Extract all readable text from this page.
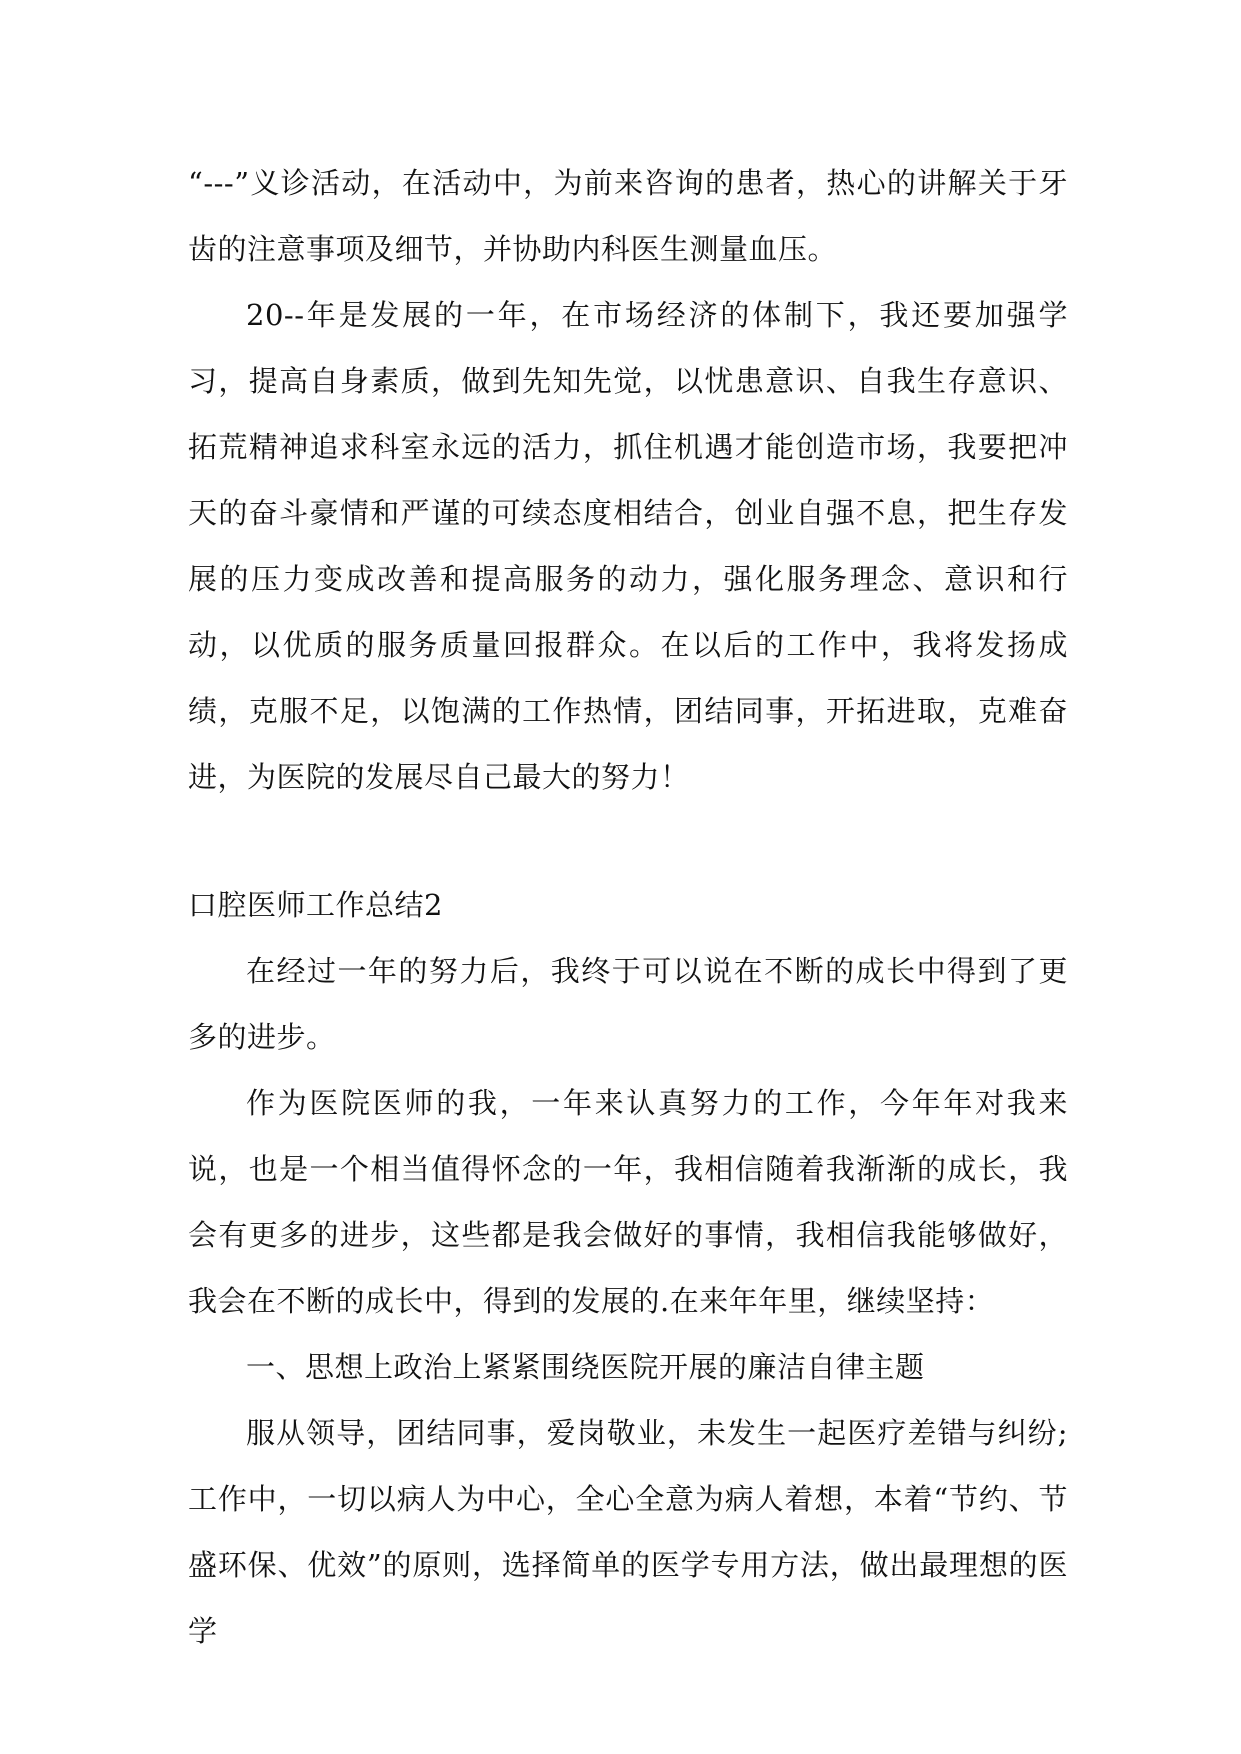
“---”义诊活动，在活动中，为前来咨询的患者，热心的讲解关于牙齿的注意事项及细节，并协助内科医生测量血压。

20--年是发展的一年，在市场经济的体制下，我还要加强学习，提高自身素质，做到先知先觉，以忧患意识、自我生存意识、拓荒精神追求科室永远的活力，抓住机遇才能创造市场，我要把冲天的奋斗豪情和严谨的可续态度相结合，创业自强不息，把生存发展的压力变成改善和提高服务的动力，强化服务理念、意识和行动，以优质的服务质量回报群众。在以后的工作中，我将发扬成绩，克服不足，以饱满的工作热情，团结同事，开拓进取，克难奋进，为医院的发展尽自己最大的努力！

口腔医师工作总结2

在经过一年的努力后，我终于可以说在不断的成长中得到了更多的进步。

作为医院医师的我，一年来认真努力的工作，今年年对我来说，也是一个相当值得怀念的一年，我相信随着我渐渐的成长，我会有更多的进步，这些都是我会做好的事情，我相信我能够做好，我会在不断的成长中，得到的发展的.在来年年里，继续坚持：

一、思想上政治上紧紧围绕医院开展的廉洁自律主题

服从领导，团结同事，爱岗敬业，未发生一起医疗差错与纠纷;工作中，一切以病人为中心，全心全意为病人着想，本着“节约、节盛环保、优效”的原则，选择简单的医学专用方法，做出最理想的医学
